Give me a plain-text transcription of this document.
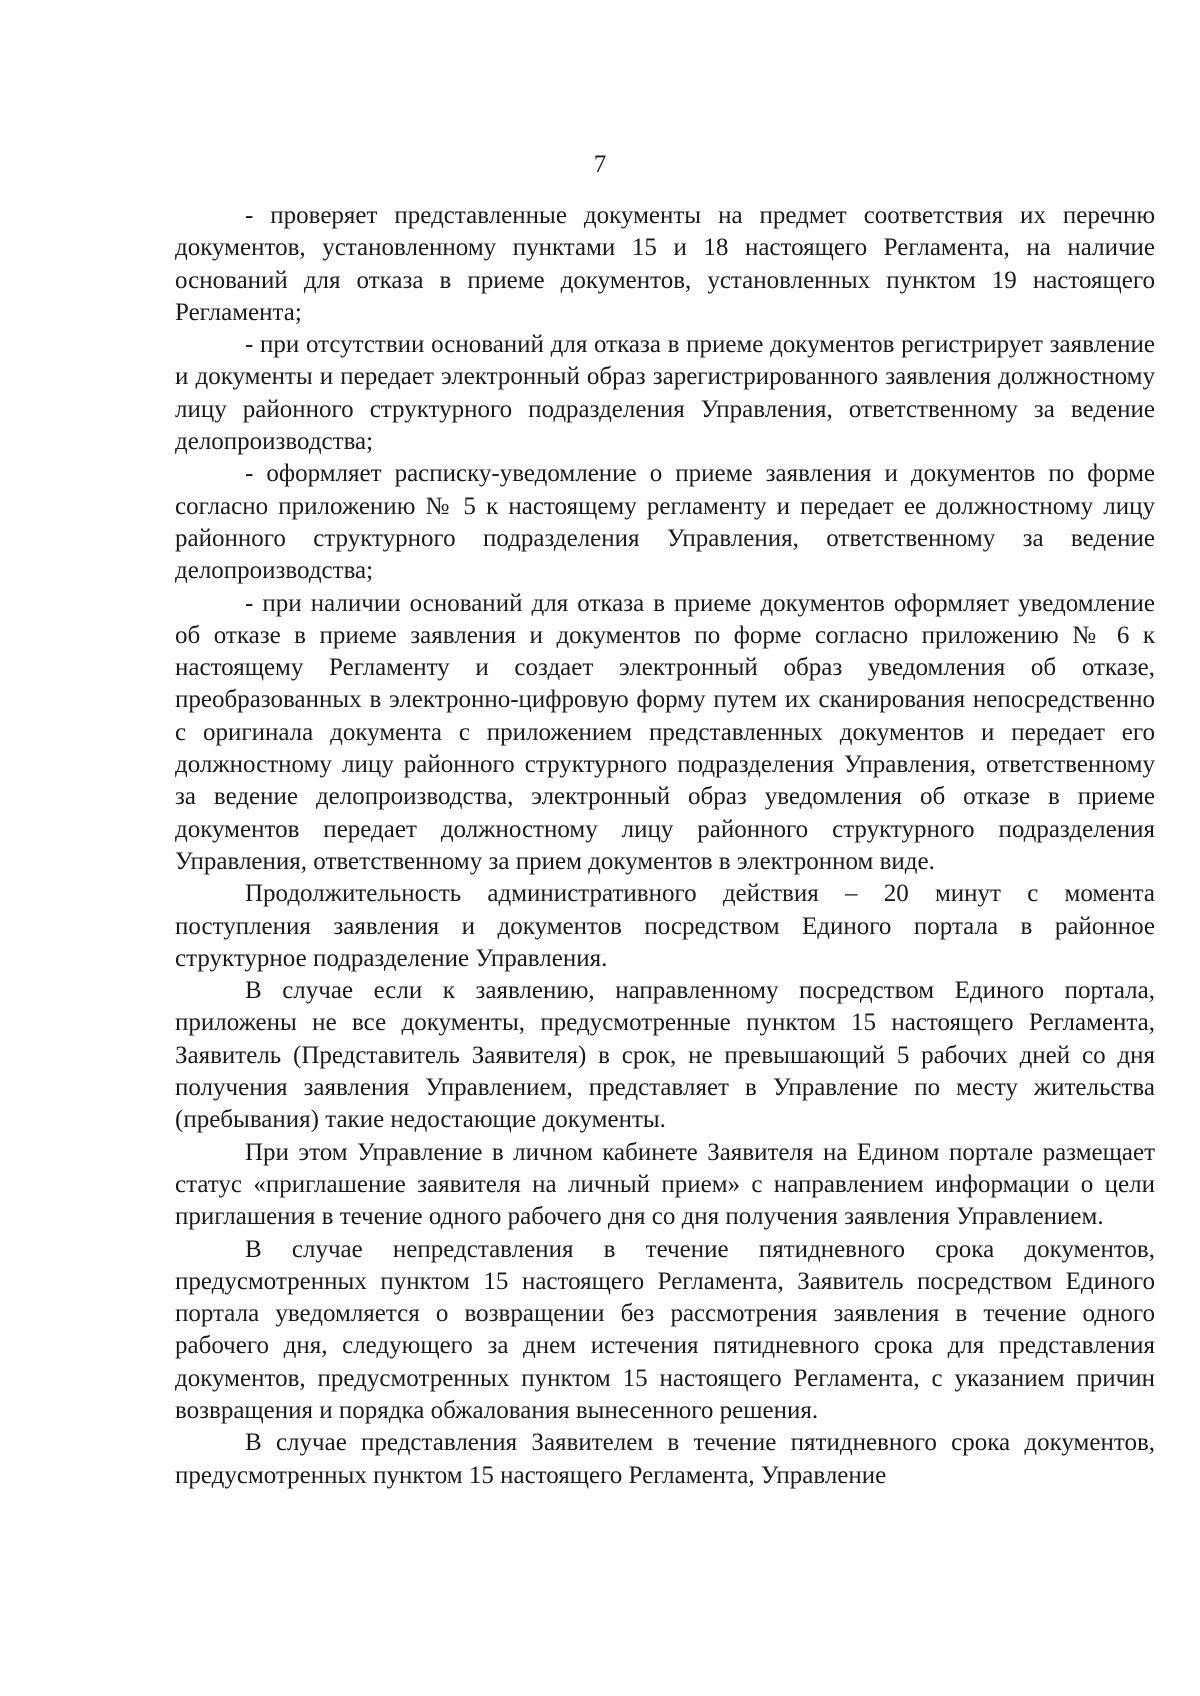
7

- проверяет представленные документы на предмет соответствия их перечню документов, установленному пунктами 15 и 18 настоящего Регламента, на наличие оснований для отказа в приеме документов, установленных пунктом 19 настоящего Регламента;

- при отсутствии оснований для отказа в приеме документов регистрирует заявление и документы и передает электронный образ зарегистрированного заявления должностному лицу районного структурного подразделения Управления, ответственному за ведение делопроизводства;

- оформляет расписку-уведомление о приеме заявления и документов по форме согласно приложению № 5 к настоящему регламенту и передает ее должностному лицу районного структурного подразделения Управления, ответственному за ведение делопроизводства;

- при наличии оснований для отказа в приеме документов оформляет уведомление об отказе в приеме заявления и документов по форме согласно приложению № 6 к настоящему Регламенту и создает электронный образ уведомления об отказе, преобразованных в электронно-цифровую форму путем их сканирования непосредственно с оригинала документа с приложением представленных документов и передает его должностному лицу районного структурного подразделения Управления, ответственному за ведение делопроизводства, электронный образ уведомления об отказе в приеме документов передает должностному лицу районного структурного подразделения Управления, ответственному за прием документов в электронном виде.

Продолжительность административного действия – 20 минут с момента поступления заявления и документов посредством Единого портала в районное структурное подразделение Управления.

В случае если к заявлению, направленному посредством Единого портала, приложены не все документы, предусмотренные пунктом 15 настоящего Регламента, Заявитель (Представитель Заявителя) в срок, не превышающий 5 рабочих дней со дня получения заявления Управлением, представляет в Управление по месту жительства (пребывания) такие недостающие документы.

При этом Управление в личном кабинете Заявителя на Едином портале размещает статус «приглашение заявителя на личный прием» с направлением информации о цели приглашения в течение одного рабочего дня со дня получения заявления Управлением.

В случае непредставления в течение пятидневного срока документов, предусмотренных пунктом 15 настоящего Регламента, Заявитель посредством Единого портала уведомляется о возвращении без рассмотрения заявления в течение одного рабочего дня, следующего за днем истечения пятидневного срока для представления документов, предусмотренных пунктом 15 настоящего Регламента, с указанием причин возвращения и порядка обжалования вынесенного решения.

В случае представления Заявителем в течение пятидневного срока документов, предусмотренных пунктом 15 настоящего Регламента, Управление
